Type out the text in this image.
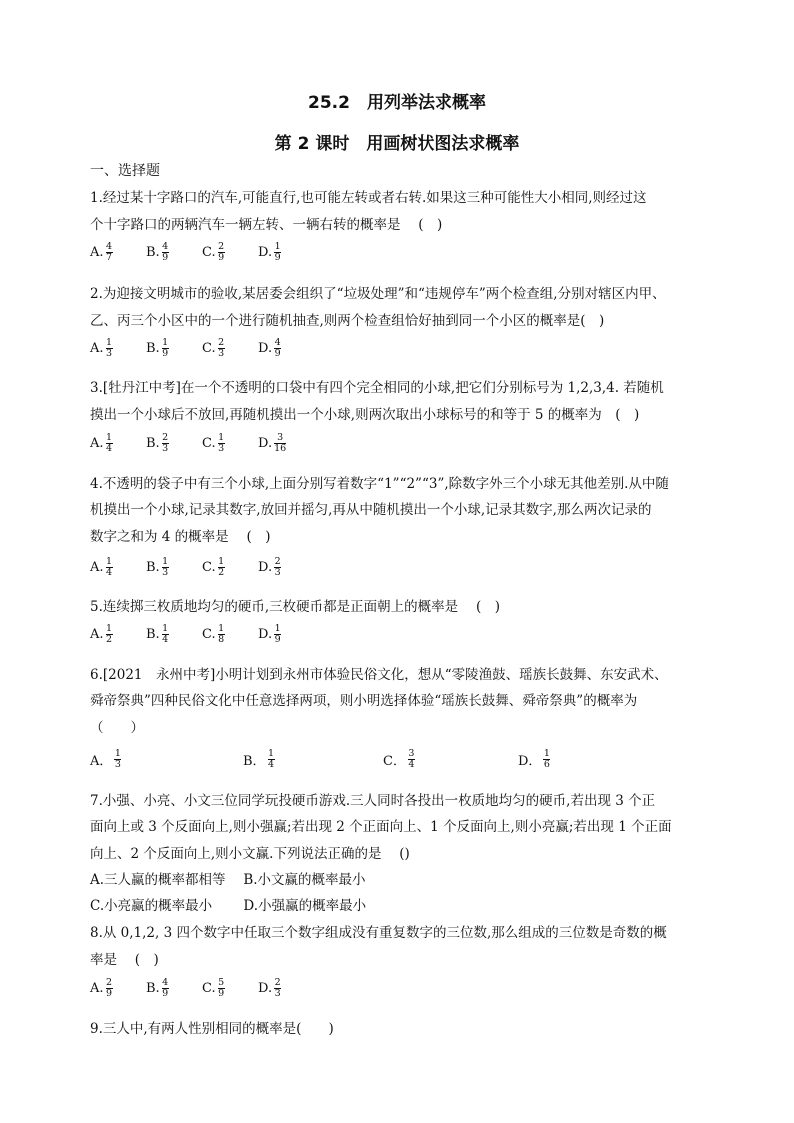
25.2　用列举法求概率
第 2 课时　用画树状图法求概率
一、选择题
1.经过某十字路口的汽车,可能直行,也可能左转或者右转.如果这三种可能性大小相同,则经过这
个十字路口的两辆汽车一辆左转、一辆右转的概率是　 (　)
A. $\frac{4}{7}$	B. $\frac{4}{9}$	C. $\frac{2}{9}$	D. $\frac{1}{9}$
2.为迎接文明城市的验收,某居委会组织了“垃圾处理”和“违规停车”两个检查组,分别对辖区内甲、
乙、丙三个小区中的一个进行随机抽查,则两个检查组恰好抽到同一个小区的概率是(　)
A. $\frac{1}{3}$	B. $\frac{1}{9}$	C. $\frac{2}{3}$	D. $\frac{4}{9}$
3.[牡丹江中考]在一个不透明的口袋中有四个完全相同的小球,把它们分别标号为 1,2,3,4. 若随机
摸出一个小球后不放回,再随机摸出一个小球,则两次取出小球标号的和等于 5 的概率为　(　)
A. $\frac{1}{4}$	B. $\frac{2}{3}$	C. $\frac{1}{3}$	D. $\frac{3}{16}$
4.不透明的袋子中有三个小球,上面分别写着数字“1”“2”“3”,除数字外三个小球无其他差别.从中随
机摸出一个小球,记录其数字,放回并摇匀,再从中随机摸出一个小球,记录其数字,那么两次记录的
数字之和为 4 的概率是　 (　)
A. $\frac{1}{4}$	B. $\frac{1}{3}$	C. $\frac{1}{2}$	D. $\frac{2}{3}$
5.连续掷三枚质地均匀的硬币,三枚硬币都是正面朝上的概率是　 (　)
A. $\frac{1}{2}$	B. $\frac{1}{4}$	C. $\frac{1}{8}$	D. $\frac{1}{9}$
6.[2021　永州中考]小明计划到永州市体验民俗文化，想从“零陵渔鼓、瑶族长鼓舞、东安武术、
舜帝祭典”四种民俗文化中任意选择两项，则小明选择体验“瑶族长鼓舞、舜帝祭典”的概率为
（　　）
A． $\frac{1}{3}$	B． $\frac{1}{4}$	C． $\frac{3}{4}$	D． $\frac{1}{6}$
7.小强、小亮、小文三位同学玩投硬币游戏.三人同时各投出一枚质地均匀的硬币,若出现 3 个正
面向上或 3 个反面向上,则小强赢;若出现 2 个正面向上、1 个反面向上,则小亮赢;若出现 1 个正面
向上、2 个反面向上,则小文赢.下列说法正确的是　 ()
A.三人赢的概率都相等　 B.小文赢的概率最小
C.小亮赢的概率最小　　 D.小强赢的概率最小
8.从 0,1,2, 3 四个数字中任取三个数字组成没有重复数字的三位数,那么组成的三位数是奇数的概
率是　 (　)
A. $\frac{2}{9}$	B. $\frac{4}{9}$	C. $\frac{5}{9}$	D. $\frac{2}{3}$
9.三人中,有两人性别相同的概率是(　　)
